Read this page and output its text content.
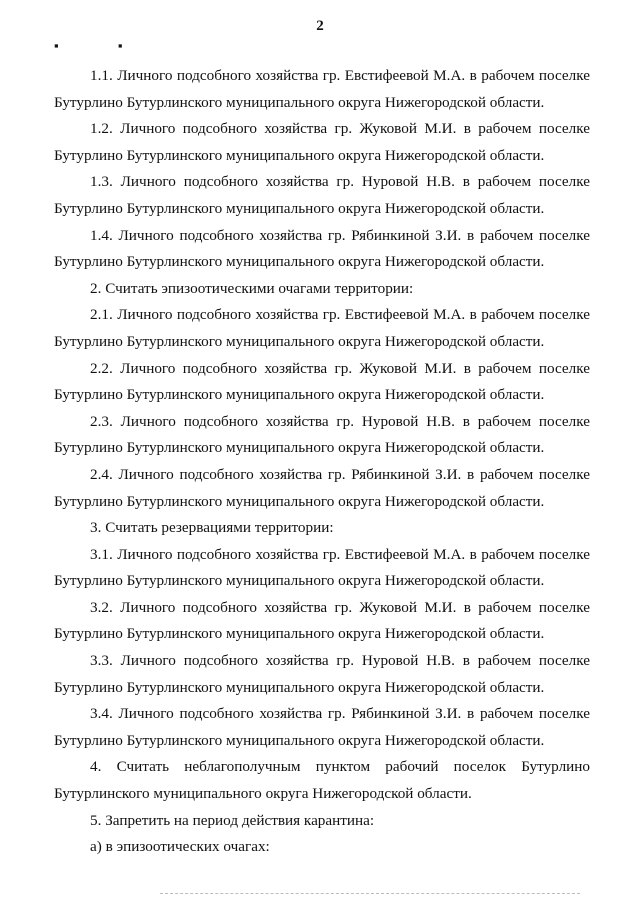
2
▪ ▪

1.1. Личного подсобного хозяйства гр. Евстифеевой М.А. в рабочем поселке Бутурлино Бутурлинского муниципального округа Нижегородской области.

1.2. Личного подсобного хозяйства гр. Жуковой М.И. в рабочем поселке Бутурлино Бутурлинского муниципального округа Нижегородской области.

1.3. Личного подсобного хозяйства гр. Нуровой Н.В. в рабочем поселке Бутурлино Бутурлинского муниципального округа Нижегородской области.

1.4. Личного подсобного хозяйства гр. Рябинкиной З.И. в рабочем поселке Бутурлино Бутурлинского муниципального округа Нижегородской области.

2. Считать эпизоотическими очагами территории:

2.1. Личного подсобного хозяйства гр. Евстифеевой М.А. в рабочем поселке Бутурлино Бутурлинского муниципального округа Нижегородской области.

2.2. Личного подсобного хозяйства гр. Жуковой М.И. в рабочем поселке Бутурлино Бутурлинского муниципального округа Нижегородской области.

2.3. Личного подсобного хозяйства гр. Нуровой Н.В. в рабочем поселке Бутурлино Бутурлинского муниципального округа Нижегородской области.

2.4. Личного подсобного хозяйства гр. Рябинкиной З.И. в рабочем поселке Бутурлино Бутурлинского муниципального округа Нижегородской области.

3. Считать резервациями территории:

3.1. Личного подсобного хозяйства гр. Евстифеевой М.А. в рабочем поселке Бутурлино Бутурлинского муниципального округа Нижегородской области.

3.2. Личного подсобного хозяйства гр. Жуковой М.И. в рабочем поселке Бутурлино Бутурлинского муниципального округа Нижегородской области.

3.3. Личного подсобного хозяйства гр. Нуровой Н.В. в рабочем поселке Бутурлино Бутурлинского муниципального округа Нижегородской области.

3.4. Личного подсобного хозяйства гр. Рябинкиной З.И. в рабочем поселке Бутурлино Бутурлинского муниципального округа Нижегородской области.

4. Считать неблагополучным пунктом рабочий поселок Бутурлино Бутурлинского муниципального округа Нижегородской области.

5. Запретить на период действия карантина:

а) в эпизоотических очагах:
